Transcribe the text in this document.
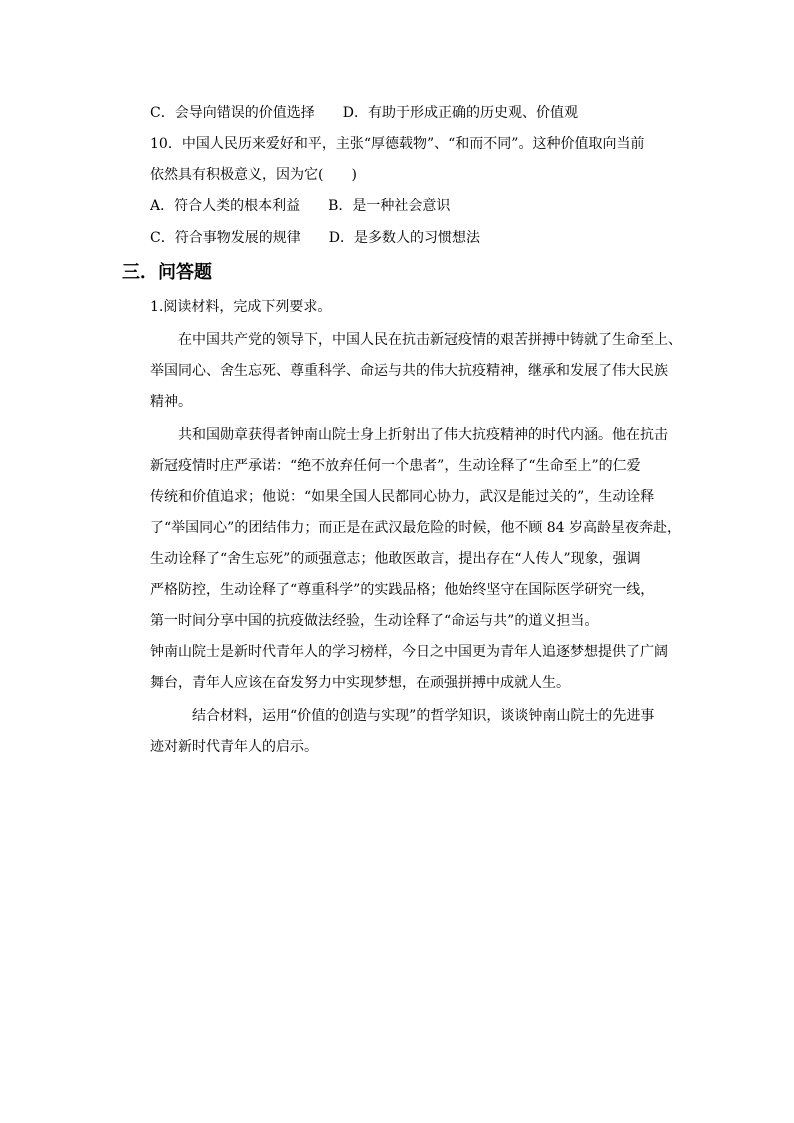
C．会导向错误的价值选择 D．有助于形成正确的历史观、价值观
10．中国人民历来爱好和平，主张“厚德载物”、“和而不同”。这种价值取向当前
依然具有积极意义，因为它(　　)
A．符合人类的根本利益 B．是一种社会意识
C．符合事物发展的规律 D．是多数人的习惯想法
三．问答题
1.阅读材料，完成下列要求。
在中国共产党的领导下，中国人民在抗击新冠疫情的艰苦拼搏中铸就了生命至上、
举国同心、舍生忘死、尊重科学、命运与共的伟大抗疫精神，继承和发展了伟大民族
精神。
共和国勋章获得者钟南山院士身上折射出了伟大抗疫精神的时代内涵。他在抗击
新冠疫情时庄严承诺：“绝不放弃任何一个患者”，生动诠释了“生命至上”的仁爱
传统和价值追求；他说：“如果全国人民都同心协力，武汉是能过关的”，生动诠释
了“举国同心”的团结伟力；而正是在武汉最危险的时候，他不顾 84 岁高龄星夜奔赴，
生动诠释了“舍生忘死”的顽强意志；他敢医敢言，提出存在“人传人”现象，强调
严格防控，生动诠释了“尊重科学”的实践品格；他始终坚守在国际医学研究一线，
第一时间分享中国的抗疫做法经验，生动诠释了“命运与共”的道义担当。
钟南山院士是新时代青年人的学习榜样，今日之中国更为青年人追逐梦想提供了广阔
舞台，青年人应该在奋发努力中实现梦想，在顽强拼搏中成就人生。
结合材料，运用“价值的创造与实现”的哲学知识，谈谈钟南山院士的先进事
迹对新时代青年人的启示。
